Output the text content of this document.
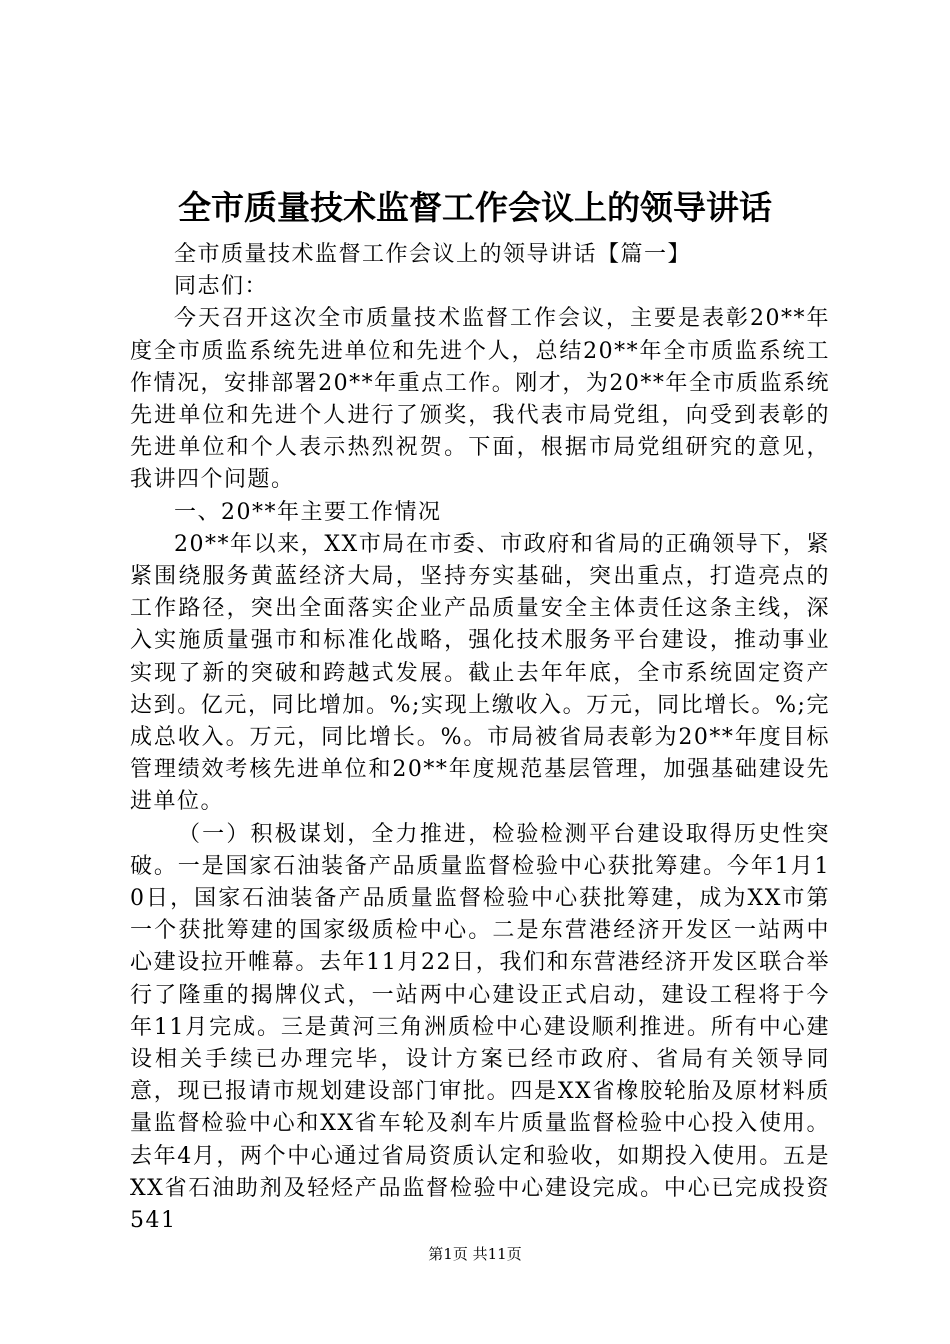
全市质量技术监督工作会议上的领导讲话

全市质量技术监督工作会议上的领导讲话【篇一】

同志们：

今天召开这次全市质量技术监督工作会议，主要是表彰20**年度全市质监系统先进单位和先进个人，总结20**年全市质监系统工作情况，安排部署20**年重点工作。刚才，为20**年全市质监系统先进单位和先进个人进行了颁奖，我代表市局党组，向受到表彰的先进单位和个人表示热烈祝贺。下面，根据市局党组研究的意见，我讲四个问题。

一、20**年主要工作情况

20**年以来，XX市局在市委、市政府和省局的正确领导下，紧紧围绕服务黄蓝经济大局，坚持夯实基础，突出重点，打造亮点的工作路径，突出全面落实企业产品质量安全主体责任这条主线，深入实施质量强市和标准化战略，强化技术服务平台建设，推动事业实现了新的突破和跨越式发展。截止去年年底，全市系统固定资产达到。亿元，同比增加。%;实现上缴收入。万元，同比增长。%;完成总收入。万元，同比增长。%。市局被省局表彰为20**年度目标管理绩效考核先进单位和20**年度规范基层管理，加强基础建设先进单位。

（一）积极谋划，全力推进，检验检测平台建设取得历史性突破。一是国家石油装备产品质量监督检验中心获批筹建。今年1月10日，国家石油装备产品质量监督检验中心获批筹建，成为XX市第一个获批筹建的国家级质检中心。二是东营港经济开发区一站两中心建设拉开帷幕。去年11月22日，我们和东营港经济开发区联合举行了隆重的揭牌仪式，一站两中心建设正式启动，建设工程将于今年11月完成。三是黄河三角洲质检中心建设顺利推进。所有中心建设相关手续已办理完毕，设计方案已经市政府、省局有关领导同意，现已报请市规划建设部门审批。四是XX省橡胶轮胎及原材料质量监督检验中心和XX省车轮及刹车片质量监督检验中心投入使用。去年4月，两个中心通过省局资质认定和验收，如期投入使用。五是XX省石油助剂及轻烃产品监督检验中心建设完成。中心已完成投资541

第1页 共11页
